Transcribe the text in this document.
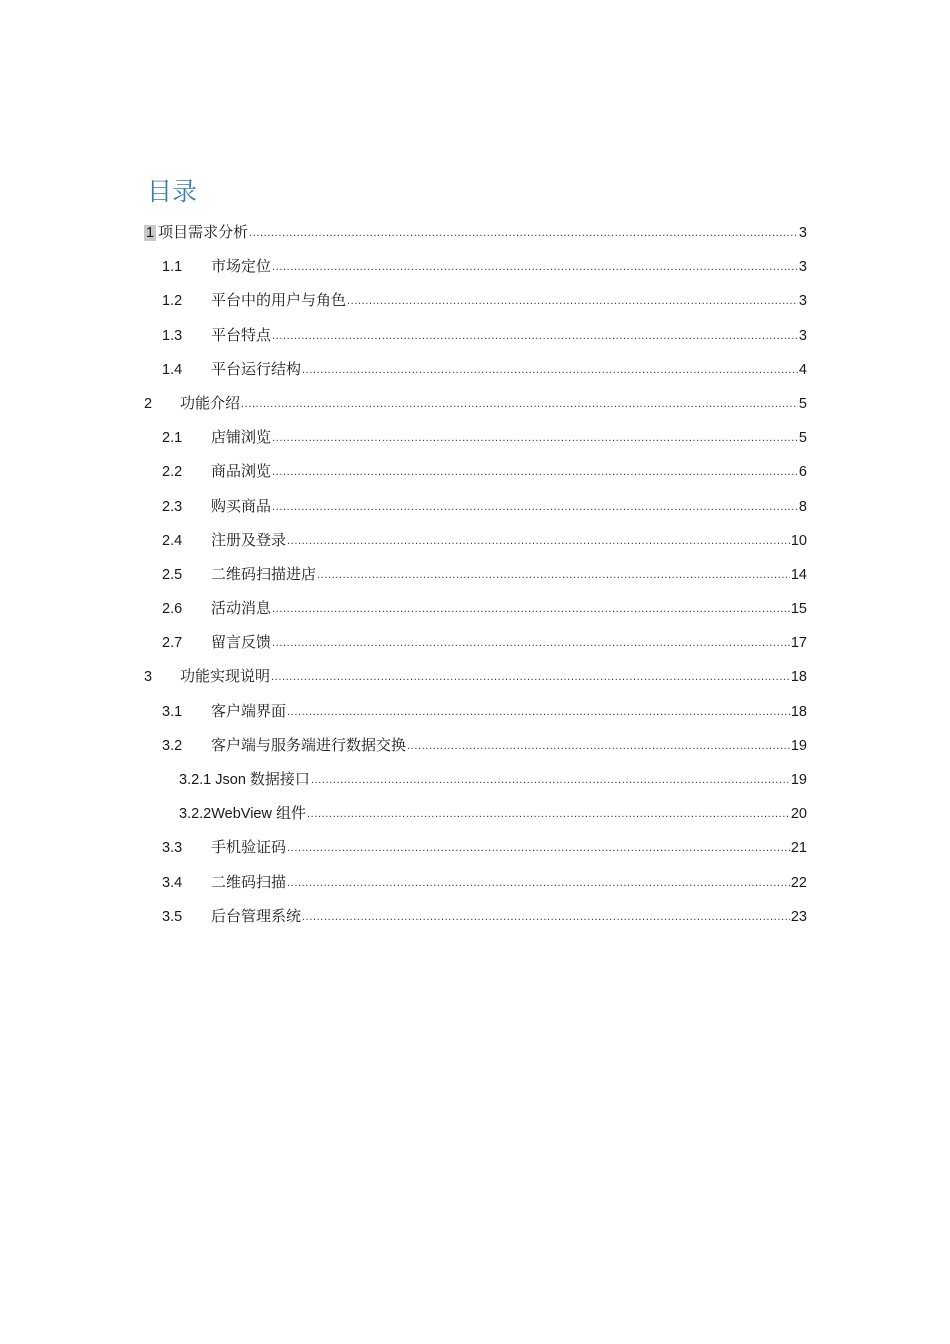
目录
1 项目需求分析 .....	3
1.1	市场定位 .....	3
1.2	平台中的用户与角色 .....	3
1.3	平台特点 .....	3
1.4	平台运行结构 .....	4
2	功能介绍 .....	5
2.1	店铺浏览 .....	5
2.2	商品浏览 .....	6
2.3	购买商品 .....	8
2.4	注册及登录 .....	10
2.5	二维码扫描进店 .....	14
2.6	活动消息 .....	15
2.7	留言反馈 .....	17
3	功能实现说明 .....	18
3.1	客户端界面 .....	18
3.2	客户端与服务端进行数据交换 .....	19
3.2.1 Json 数据接口 .....	19
3.2.2WebView 组件 .....	20
3.3	手机验证码 .....	21
3.4	二维码扫描 .....	22
3.5	后台管理系统 .....	23
